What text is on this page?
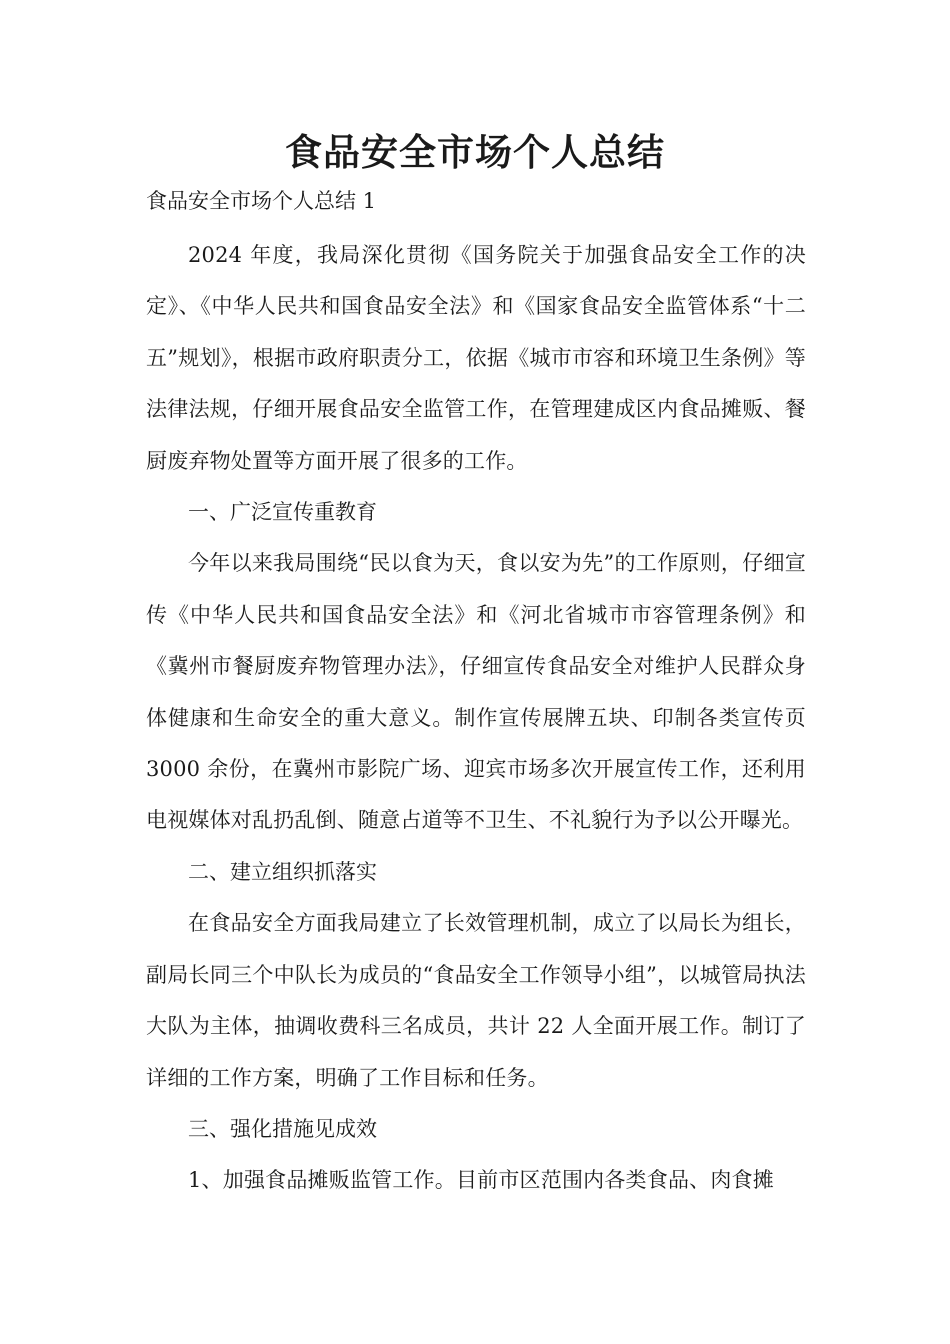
食品安全市场个人总结

食品安全市场个人总结 1

2024 年度，我局深化贯彻《国务院关于加强食品安全工作的决定》、《中华人民共和国食品安全法》和《国家食品安全监管体系“十二五”规划》，根据市政府职责分工，依据《城市市容和环境卫生条例》等法律法规，仔细开展食品安全监管工作，在管理建成区内食品摊贩、餐厨废弃物处置等方面开展了很多的工作。

一、广泛宣传重教育

今年以来我局围绕“民以食为天，食以安为先”的工作原则，仔细宣传《中华人民共和国食品安全法》和《河北省城市市容管理条例》和《冀州市餐厨废弃物管理办法》，仔细宣传食品安全对维护人民群众身体健康和生命安全的重大意义。制作宣传展牌五块、印制各类宣传页 3000 余份，在冀州市影院广场、迎宾市场多次开展宣传工作，还利用电视媒体对乱扔乱倒、随意占道等不卫生、不礼貌行为予以公开曝光。

二、建立组织抓落实

在食品安全方面我局建立了长效管理机制，成立了以局长为组长，副局长同三个中队长为成员的“食品安全工作领导小组”，以城管局执法大队为主体，抽调收费科三名成员，共计 22 人全面开展工作。制订了详细的工作方案，明确了工作目标和任务。

三、强化措施见成效

1、加强食品摊贩监管工作。目前市区范围内各类食品、肉食摊
